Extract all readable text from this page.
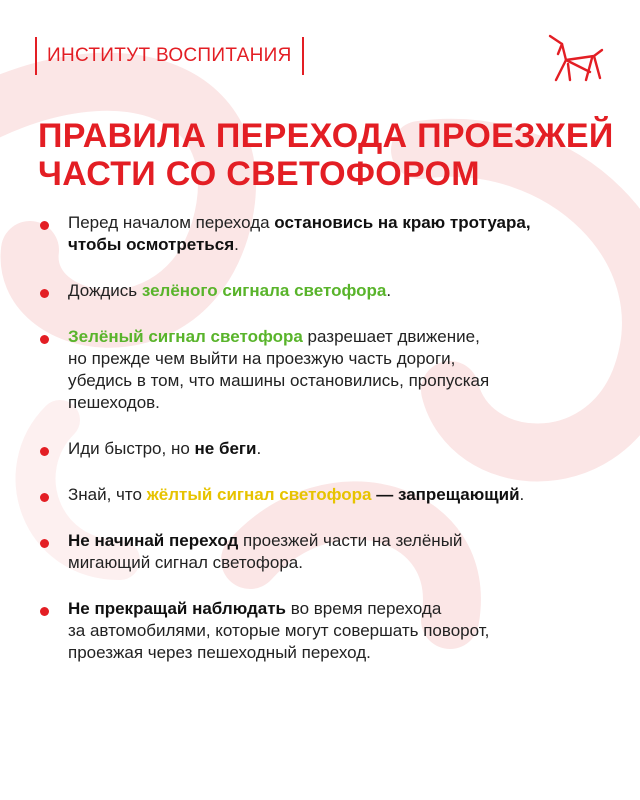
ИНСТИТУТ ВОСПИТАНИЯ
ПРАВИЛА ПЕРЕХОДА ПРОЕЗЖЕЙ
ЧАСТИ СО СВЕТОФОРОМ
Перед началом перехода остановись на краю тротуара,
чтобы осмотреться.
Дождись зелёного сигнала светофора.
Зелёный сигнал светофора разрешает движение,
но прежде чем выйти на проезжую часть дороги,
убедись в том, что машины остановились, пропуская
пешеходов.
Иди быстро, но не беги.
Знай, что жёлтый сигнал светофора — запрещающий.
Не начинай переход проезжей части на зелёный
мигающий сигнал светофора.
Не прекращай наблюдать во время перехода
за автомобилями, которые могут совершать поворот,
проезжая через пешеходный переход.
